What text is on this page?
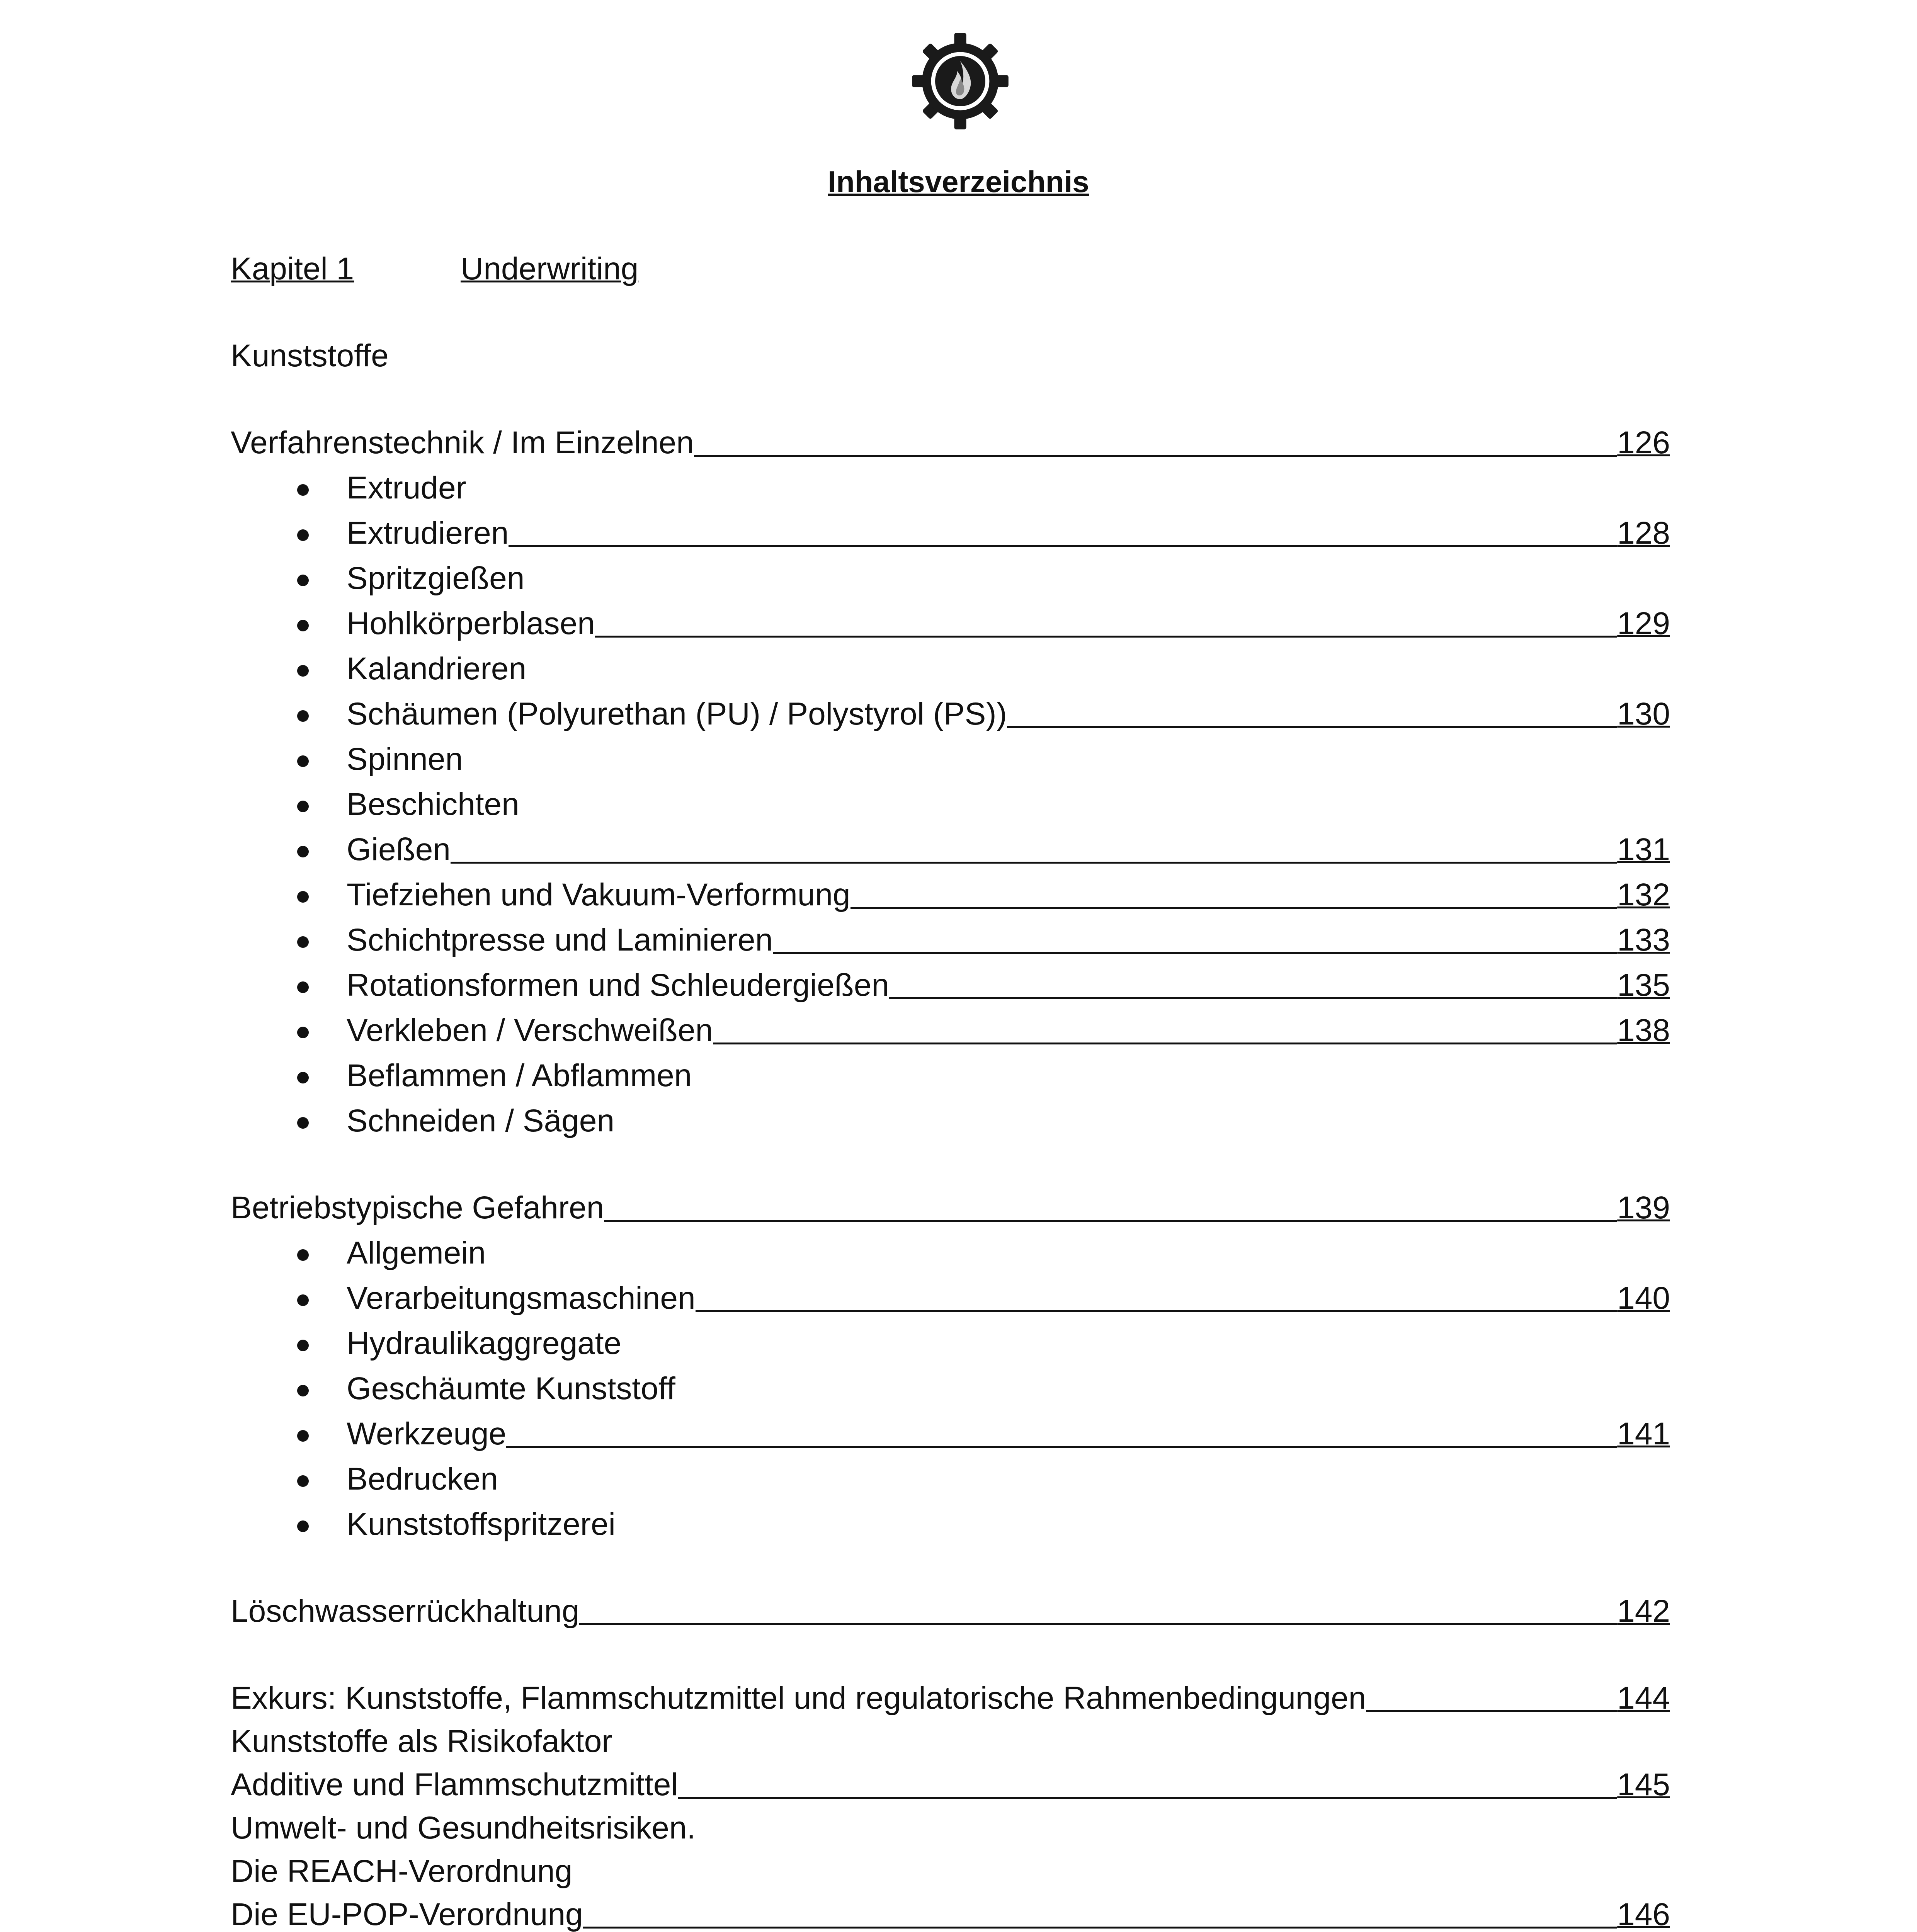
Inhaltsverzeichnis
Kapitel 1	Underwriting
Kunststoffe
Verfahrenstechnik / Im Einzelnen	126
Extruder
Extrudieren	128
Spritzgießen
Hohlkörperblasen	129
Kalandrieren
Schäumen (Polyurethan (PU) / Polystyrol (PS))	130
Spinnen
Beschichten
Gießen	131
Tiefziehen und Vakuum-Verformung	132
Schichtpresse und Laminieren	133
Rotationsformen und Schleudergießen	135
Verkleben / Verschweißen	138
Beflammen / Abflammen
Schneiden / Sägen
Betriebstypische Gefahren	139
Allgemein
Verarbeitungsmaschinen	140
Hydraulikaggregate
Geschäumte Kunststoff
Werkzeuge	141
Bedrucken
Kunststoffspritzerei
Löschwasserrückhaltung	142
Exkurs: Kunststoffe, Flammschutzmittel und regulatorische Rahmenbedingungen	144
Kunststoffe als Risikofaktor
Additive und Flammschutzmittel	145
Umwelt- und Gesundheitsrisiken.
Die REACH-Verordnung
Die EU-POP-Verordnung	146
